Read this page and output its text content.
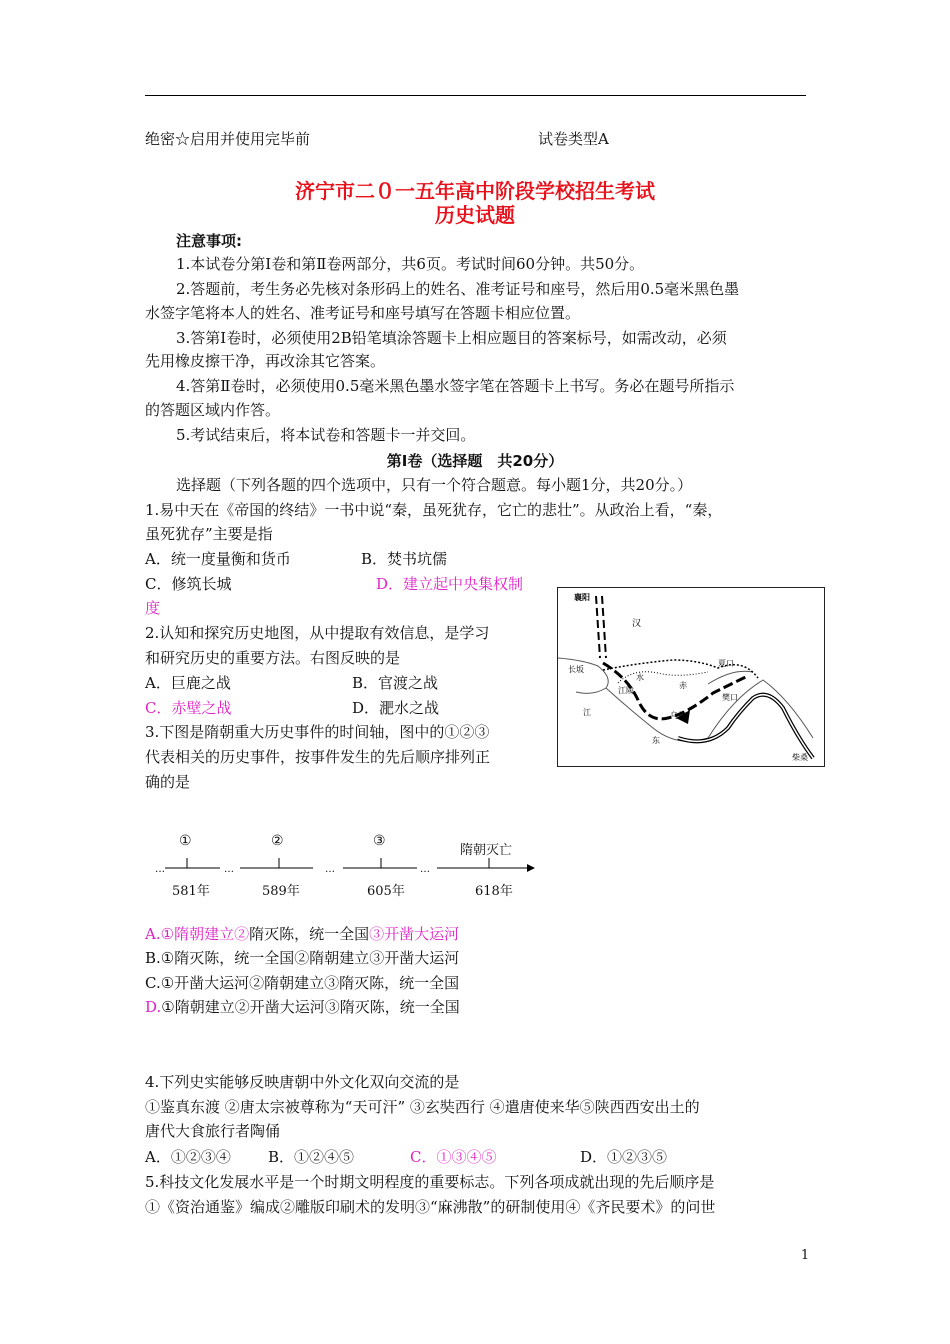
绝密☆启用并使用完毕前	试卷类型A
济宁市二０一五年高中阶段学校招生考试
历史试题
注意事项:
1.本试卷分第Ⅰ卷和第Ⅱ卷两部分，共6页。考试时间60分钟。共50分。
2.答题前，考生务必先核对条形码上的姓名、准考证号和座号，然后用0.5毫米黑色墨
水签字笔将本人的姓名、准考证号和座号填写在答题卡相应位置。
3.答第Ⅰ卷时，必须使用2B铅笔填涂答题卡上相应题目的答案标号，如需改动，必须
先用橡皮擦干净，再改涂其它答案。
4.答第Ⅱ卷时，必须使用0.5毫米黑色墨水签字笔在答题卡上书写。务必在题号所指示
的答题区域内作答。
5.考试结束后，将本试卷和答题卡一并交回。
第Ⅰ卷（选择题　共20分）
选择题（下列各题的四个选项中，只有一个符合题意。每小题1分，共20分。）
1.易中天在《帝国的终结》一书中说“秦，虽死犹存，它亡的悲壮”。从政治上看，“秦，
虽死犹存”主要是指
A．统一度量衡和货币	B．焚书坑儒
C．修筑长城	D．建立起中央集权制
度
2.认知和探究历史地图，从中提取有效信息，是学习
和研究历史的重要方法。右图反映的是
A．巨鹿之战	B．官渡之战
C．赤壁之战	D．淝水之战
襄阳
汉
长坂
江陵
夏口
樊口
乌林
赤
江
东
柴桑
水
3.下图是隋朝重大历史事件的时间轴，图中的①②③
代表相关的历史事件，按事件发生的先后顺序排列正
确的是
①	②	③
隋朝灭亡
…	…	…	…
581年	589年	605年	618年
A.①隋朝建立②隋灭陈，统一全国③开凿大运河
B.①隋灭陈，统一全国②隋朝建立③开凿大运河
C.①开凿大运河②隋朝建立③隋灭陈，统一全国
D.①隋朝建立②开凿大运河③隋灭陈，统一全国
4.下列史实能够反映唐朝中外文化双向交流的是
①鉴真东渡 ②唐太宗被尊称为“天可汗” ③玄奘西行 ④遣唐使来华⑤陕西西安出土的
唐代大食旅行者陶俑
A．①②③④ B．①②④⑤	C．①③④⑤	D．①②③⑤
5.科技文化发展水平是一个时期文明程度的重要标志。下列各项成就出现的先后顺序是
①《资治通鉴》编成②雕版印刷术的发明③“麻沸散”的研制使用④《齐民要术》的问世
1
